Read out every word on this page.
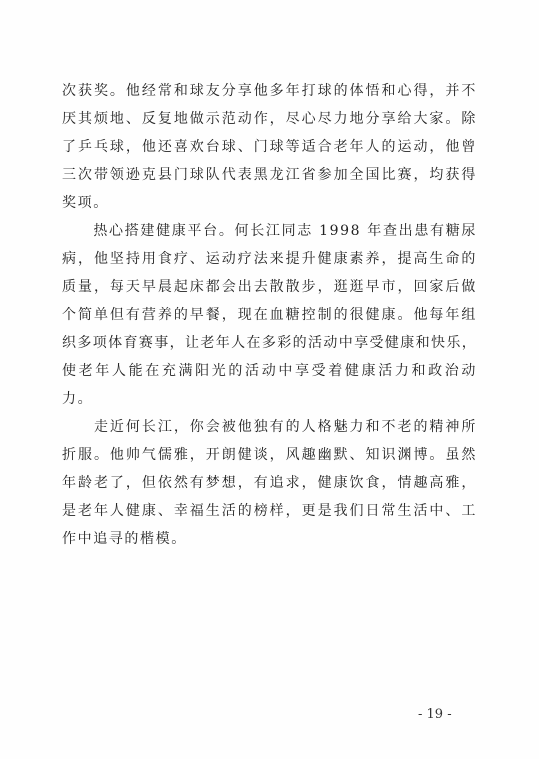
次获奖。他经常和球友分享他多年打球的体悟和心得，并不
厌其烦地、反复地做示范动作，尽心尽力地分享给大家。除
了乒乓球，他还喜欢台球、门球等适合老年人的运动，他曾
三次带领逊克县门球队代表黑龙江省参加全国比赛，均获得
奖项。
　　热心搭建健康平台。何长江同志 1998 年查出患有糖尿
病，他坚持用食疗、运动疗法来提升健康素养，提高生命的
质量，每天早晨起床都会出去散散步，逛逛早市，回家后做
个简单但有营养的早餐，现在血糖控制的很健康。他每年组
织多项体育赛事，让老年人在多彩的活动中享受健康和快乐，
使老年人能在充满阳光的活动中享受着健康活力和政治动
力。
　　走近何长江，你会被他独有的人格魅力和不老的精神所
折服。他帅气儒雅，开朗健谈，风趣幽默、知识渊博。虽然
年龄老了，但依然有梦想，有追求，健康饮食，情趣高雅，
是老年人健康、幸福生活的榜样，更是我们日常生活中、工
作中追寻的楷模。
- 19 -
